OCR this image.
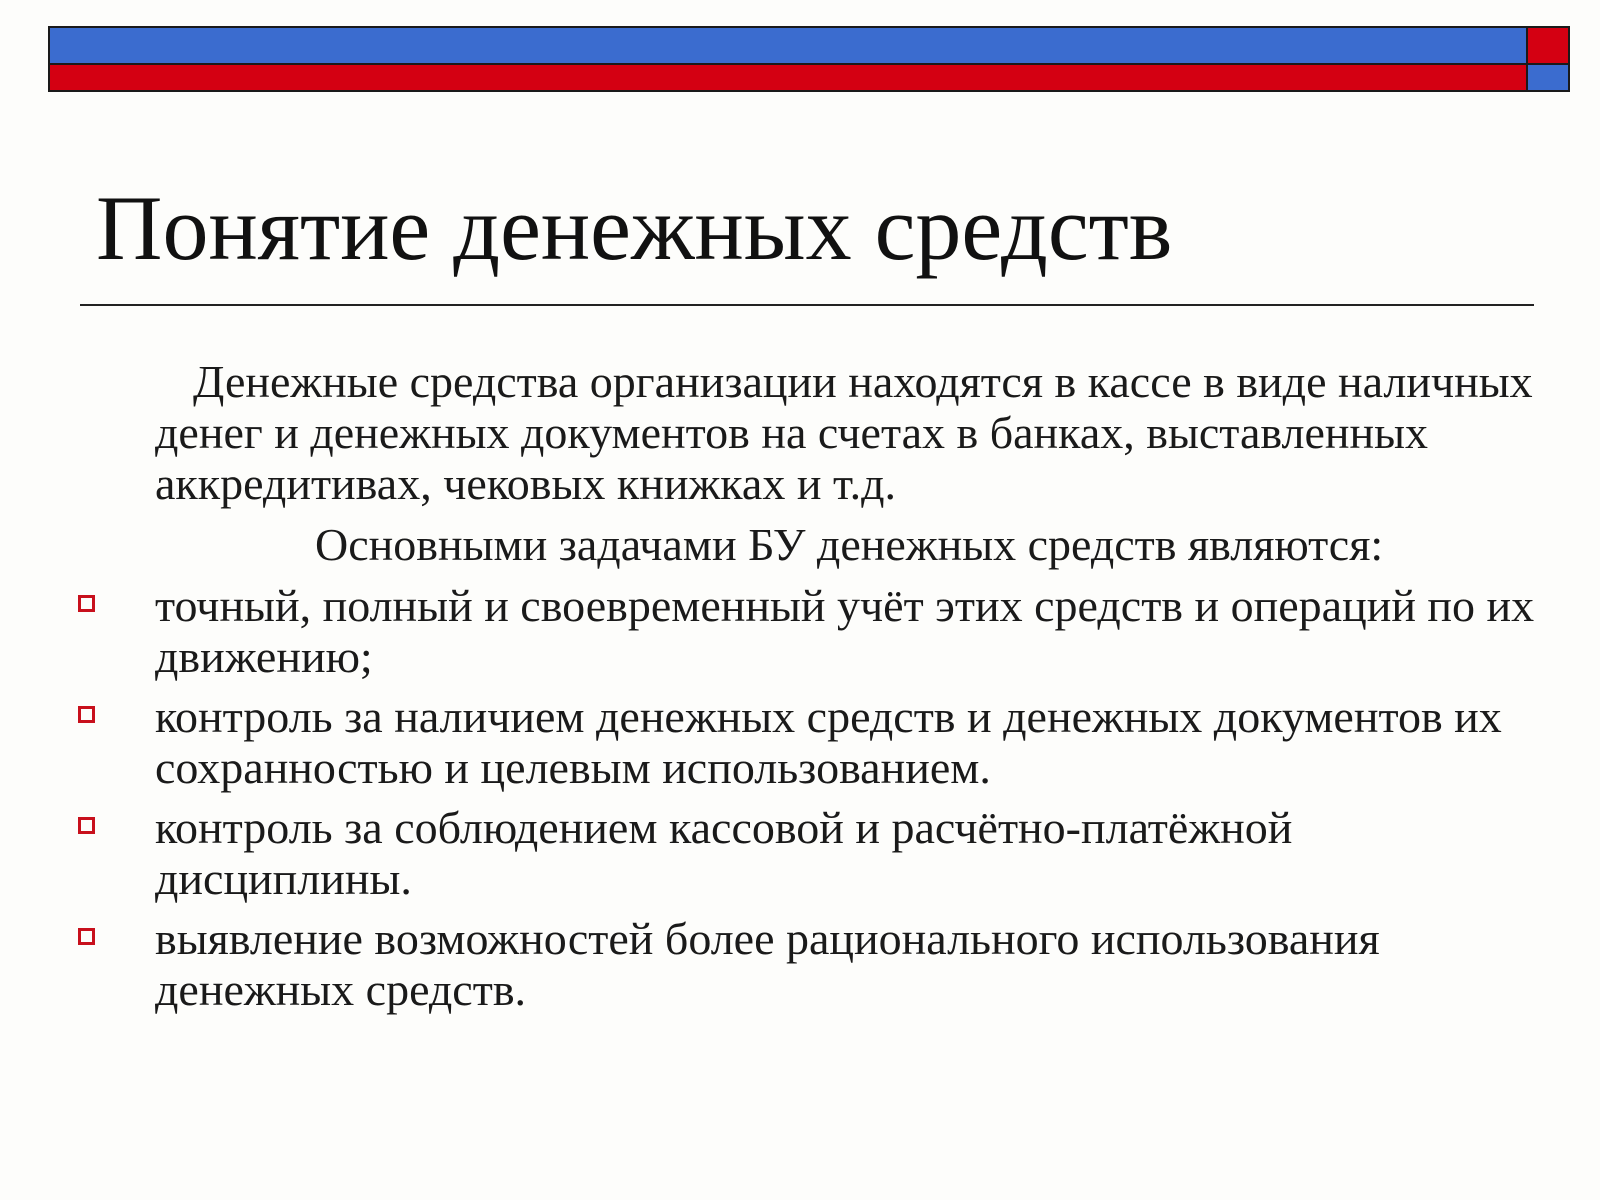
Понятие денежных средств

Денежные средства организации находятся в кассе в виде наличных денег и денежных документов на счетах в банках, выставленных аккредитивах, чековых книжках и т.д.

Основными задачами БУ денежных средств являются:

точный, полный и своевременный учёт этих средств и операций по их движению;
контроль за наличием денежных средств и денежных документов их сохранностью и целевым использованием.
контроль за соблюдением кассовой и расчётно-платёжной дисциплины.
выявление возможностей более рационального использования денежных средств.
